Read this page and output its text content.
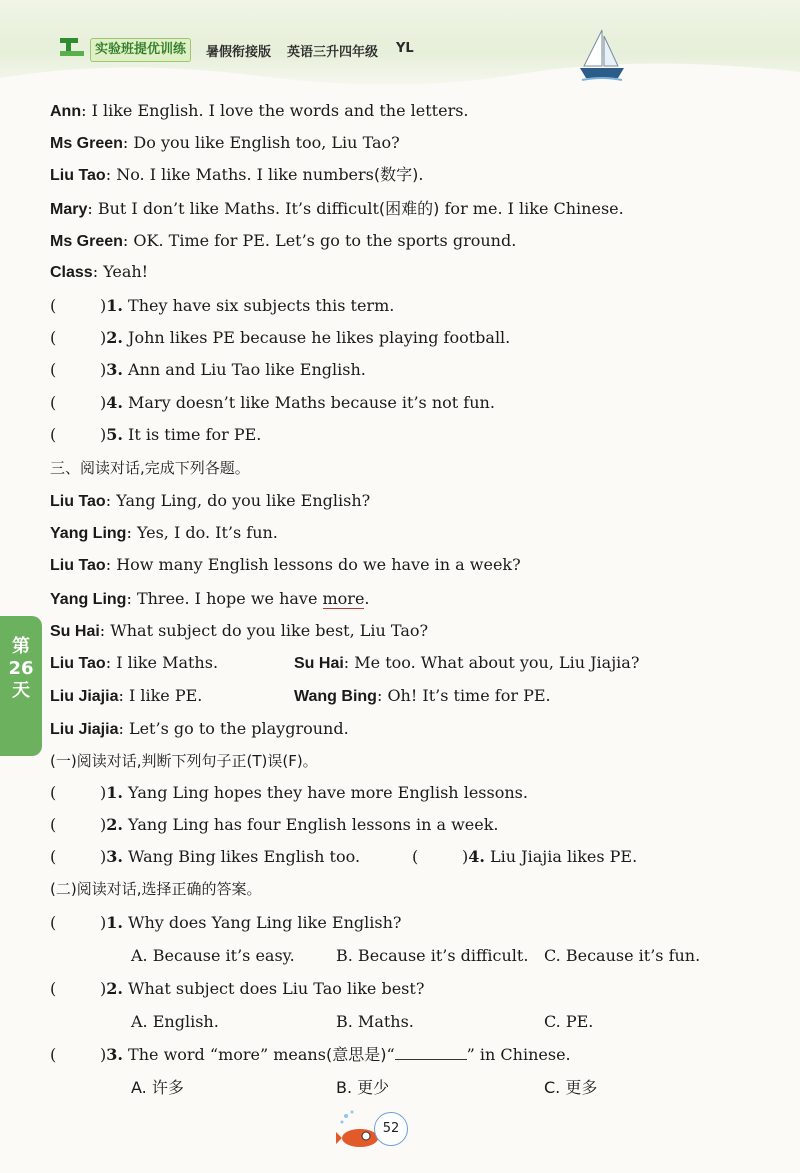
实验班提优训练	暑假衔接版 英语三升四年级 YL
Ann: I like English. I love the words and the letters.
Ms Green: Do you like English too, Liu Tao?
Liu Tao: No. I like Maths. I like numbers(数字).
Mary: But I don’t like Maths. It’s difficult(困难的) for me. I like Chinese.
Ms Green: OK. Time for PE. Let’s go to the sports ground.
Class: Yeah!
(	)1. They have six subjects this term.
(	)2. John likes PE because he likes playing football.
(	)3. Ann and Liu Tao like English.
(	)4. Mary doesn’t like Maths because it’s not fun.
(	)5. It is time for PE.
三、阅读对话,完成下列各题。
Liu Tao: Yang Ling, do you like English?
Yang Ling: Yes, I do. It’s fun.
Liu Tao: How many English lessons do we have in a week?
Yang Ling: Three. I hope we have more.
Su Hai: What subject do you like best, Liu Tao?
Liu Tao: I like Maths.	Su Hai: Me too. What about you, Liu Jiajia?
Liu Jiajia: I like PE.	Wang Bing: Oh! It’s time for PE.
Liu Jiajia: Let’s go to the playground.
(一)阅读对话,判断下列句子正(T)误(F)。
(	)1. Yang Ling hopes they have more English lessons.
(	)2. Yang Ling has four English lessons in a week.
(	)3. Wang Bing likes English too.	(	)4. Liu Jiajia likes PE.
(二)阅读对话,选择正确的答案。
(	)1. Why does Yang Ling like English?
A. Because it’s easy.	B. Because it’s difficult. C. Because it’s fun.
(	)2. What subject does Liu Tao like best?
A. English.	B. Maths.	C. PE.
(	)3. The word “more” means(意思是)“	” in Chinese.
A. 许多	B. 更少	C. 更多
第26天
52
